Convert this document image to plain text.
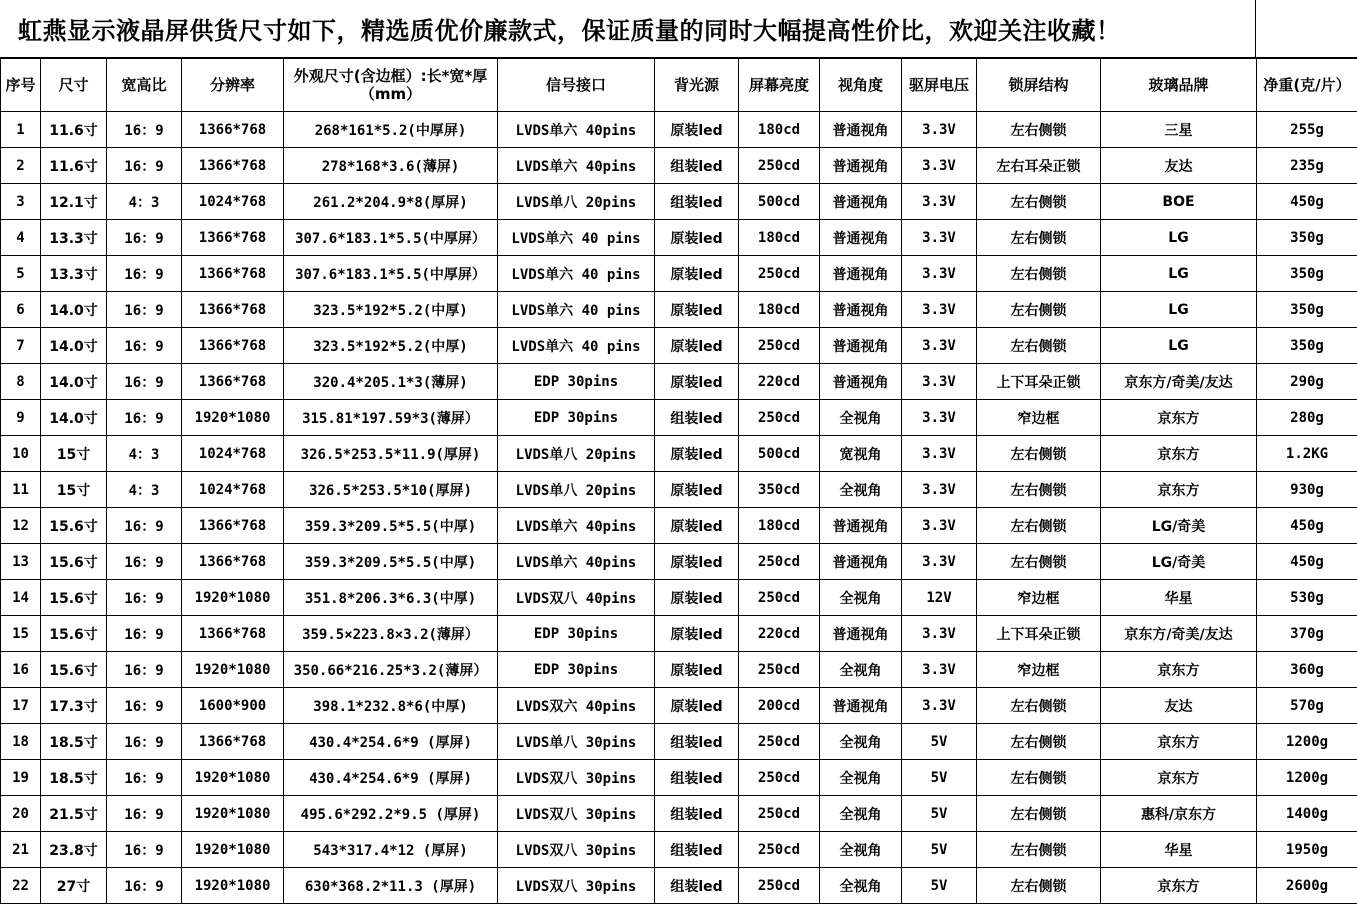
虹燕显示液晶屏供货尺寸如下，精选质优价廉款式，保证质量的同时大幅提高性价比，欢迎关注收藏！
序号	尺寸	宽高比	分辨率	外观尺寸(含边框）:长*宽*厚（mm）	信号接口	背光源	屏幕亮度	视角度	驱屏电压	锁屏结构	玻璃品牌	净重(克/片）
1	11.6寸	16：9	1366*768	268*161*5.2(中厚屏)	LVDS单六 40pins	原装led	180cd	普通视角	3.3V	左右侧锁	三星	255g
2	11.6寸	16：9	1366*768	278*168*3.6(薄屏)	LVDS单六 40pins	组装led	250cd	普通视角	3.3V	左右耳朵正锁	友达	235g
3	12.1寸	4：3	1024*768	261.2*204.9*8(厚屏)	LVDS单八 20pins	组装led	500cd	普通视角	3.3V	左右侧锁	BOE	450g
4	13.3寸	16：9	1366*768	307.6*183.1*5.5(中厚屏）	LVDS单六 40 pins	原装led	180cd	普通视角	3.3V	左右侧锁	LG	350g
5	13.3寸	16：9	1366*768	307.6*183.1*5.5(中厚屏）	LVDS单六 40 pins	原装led	250cd	普通视角	3.3V	左右侧锁	LG	350g
6	14.0寸	16：9	1366*768	323.5*192*5.2(中厚)	LVDS单六 40 pins	原装led	180cd	普通视角	3.3V	左右侧锁	LG	350g
7	14.0寸	16：9	1366*768	323.5*192*5.2(中厚)	LVDS单六 40 pins	原装led	250cd	普通视角	3.3V	左右侧锁	LG	350g
8	14.0寸	16：9	1366*768	320.4*205.1*3(薄屏)	EDP 30pins	原装led	220cd	普通视角	3.3V	上下耳朵正锁	京东方/奇美/友达	290g
9	14.0寸	16：9	1920*1080	315.81*197.59*3(薄屏）	EDP 30pins	组装led	250cd	全视角	3.3V	窄边框	京东方	280g
10	15寸	4：3	1024*768	326.5*253.5*11.9(厚屏)	LVDS单八 20pins	原装led	500cd	宽视角	3.3V	左右侧锁	京东方	1.2KG
11	15寸	4：3	1024*768	326.5*253.5*10(厚屏)	LVDS单八 20pins	原装led	350cd	全视角	3.3V	左右侧锁	京东方	930g
12	15.6寸	16：9	1366*768	359.3*209.5*5.5(中厚)	LVDS单六 40pins	原装led	180cd	普通视角	3.3V	左右侧锁	LG/奇美	450g
13	15.6寸	16：9	1366*768	359.3*209.5*5.5(中厚)	LVDS单六 40pins	原装led	250cd	普通视角	3.3V	左右侧锁	LG/奇美	450g
14	15.6寸	16：9	1920*1080	351.8*206.3*6.3(中厚)	LVDS双八 40pins	原装led	250cd	全视角	12V	窄边框	华星	530g
15	15.6寸	16：9	1366*768	359.5×223.8×3.2(薄屏）	EDP 30pins	原装led	220cd	普通视角	3.3V	上下耳朵正锁	京东方/奇美/友达	370g
16	15.6寸	16：9	1920*1080	350.66*216.25*3.2(薄屏）	EDP 30pins	原装led	250cd	全视角	3.3V	窄边框	京东方	360g
17	17.3寸	16：9	1600*900	398.1*232.8*6(中厚)	LVDS双六 40pins	原装led	200cd	普通视角	3.3V	左右侧锁	友达	570g
18	18.5寸	16：9	1366*768	430.4*254.6*9 (厚屏)	LVDS单八 30pins	组装led	250cd	全视角	5V	左右侧锁	京东方	1200g
19	18.5寸	16：9	1920*1080	430.4*254.6*9 (厚屏)	LVDS双八 30pins	组装led	250cd	全视角	5V	左右侧锁	京东方	1200g
20	21.5寸	16：9	1920*1080	495.6*292.2*9.5 (厚屏)	LVDS双八 30pins	组装led	250cd	全视角	5V	左右侧锁	惠科/京东方	1400g
21	23.8寸	16：9	1920*1080	543*317.4*12 (厚屏)	LVDS双八 30pins	组装led	250cd	全视角	5V	左右侧锁	华星	1950g
22	27寸	16：9	1920*1080	630*368.2*11.3 (厚屏)	LVDS双八 30pins	组装led	250cd	全视角	5V	左右侧锁	京东方	2600g
